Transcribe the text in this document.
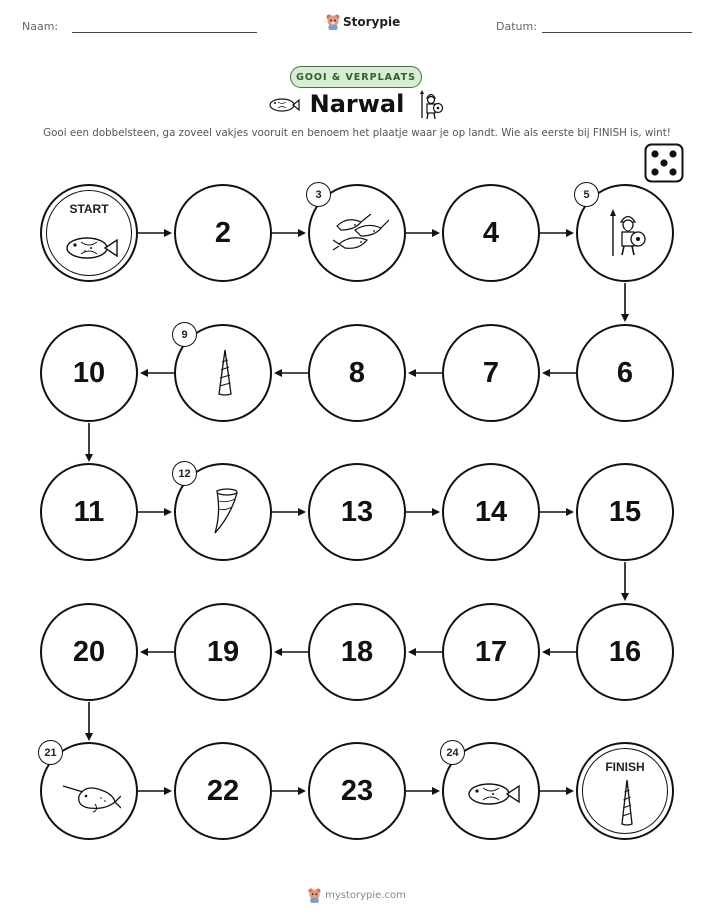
Naam:	Storypie	Datum:
GOOI & VERPLAATS
Narwal
Gooi een dobbelsteen, ga zoveel vakjes vooruit en benoem het plaatje waar je op landt. Wie als eerste bij FINISH is, wint!
START
2
3
4
5
10
9
8	7	6
11
12
13	14	15
20	19	18	17	16
21
22	23
24
FINISH
mystorypie.com
